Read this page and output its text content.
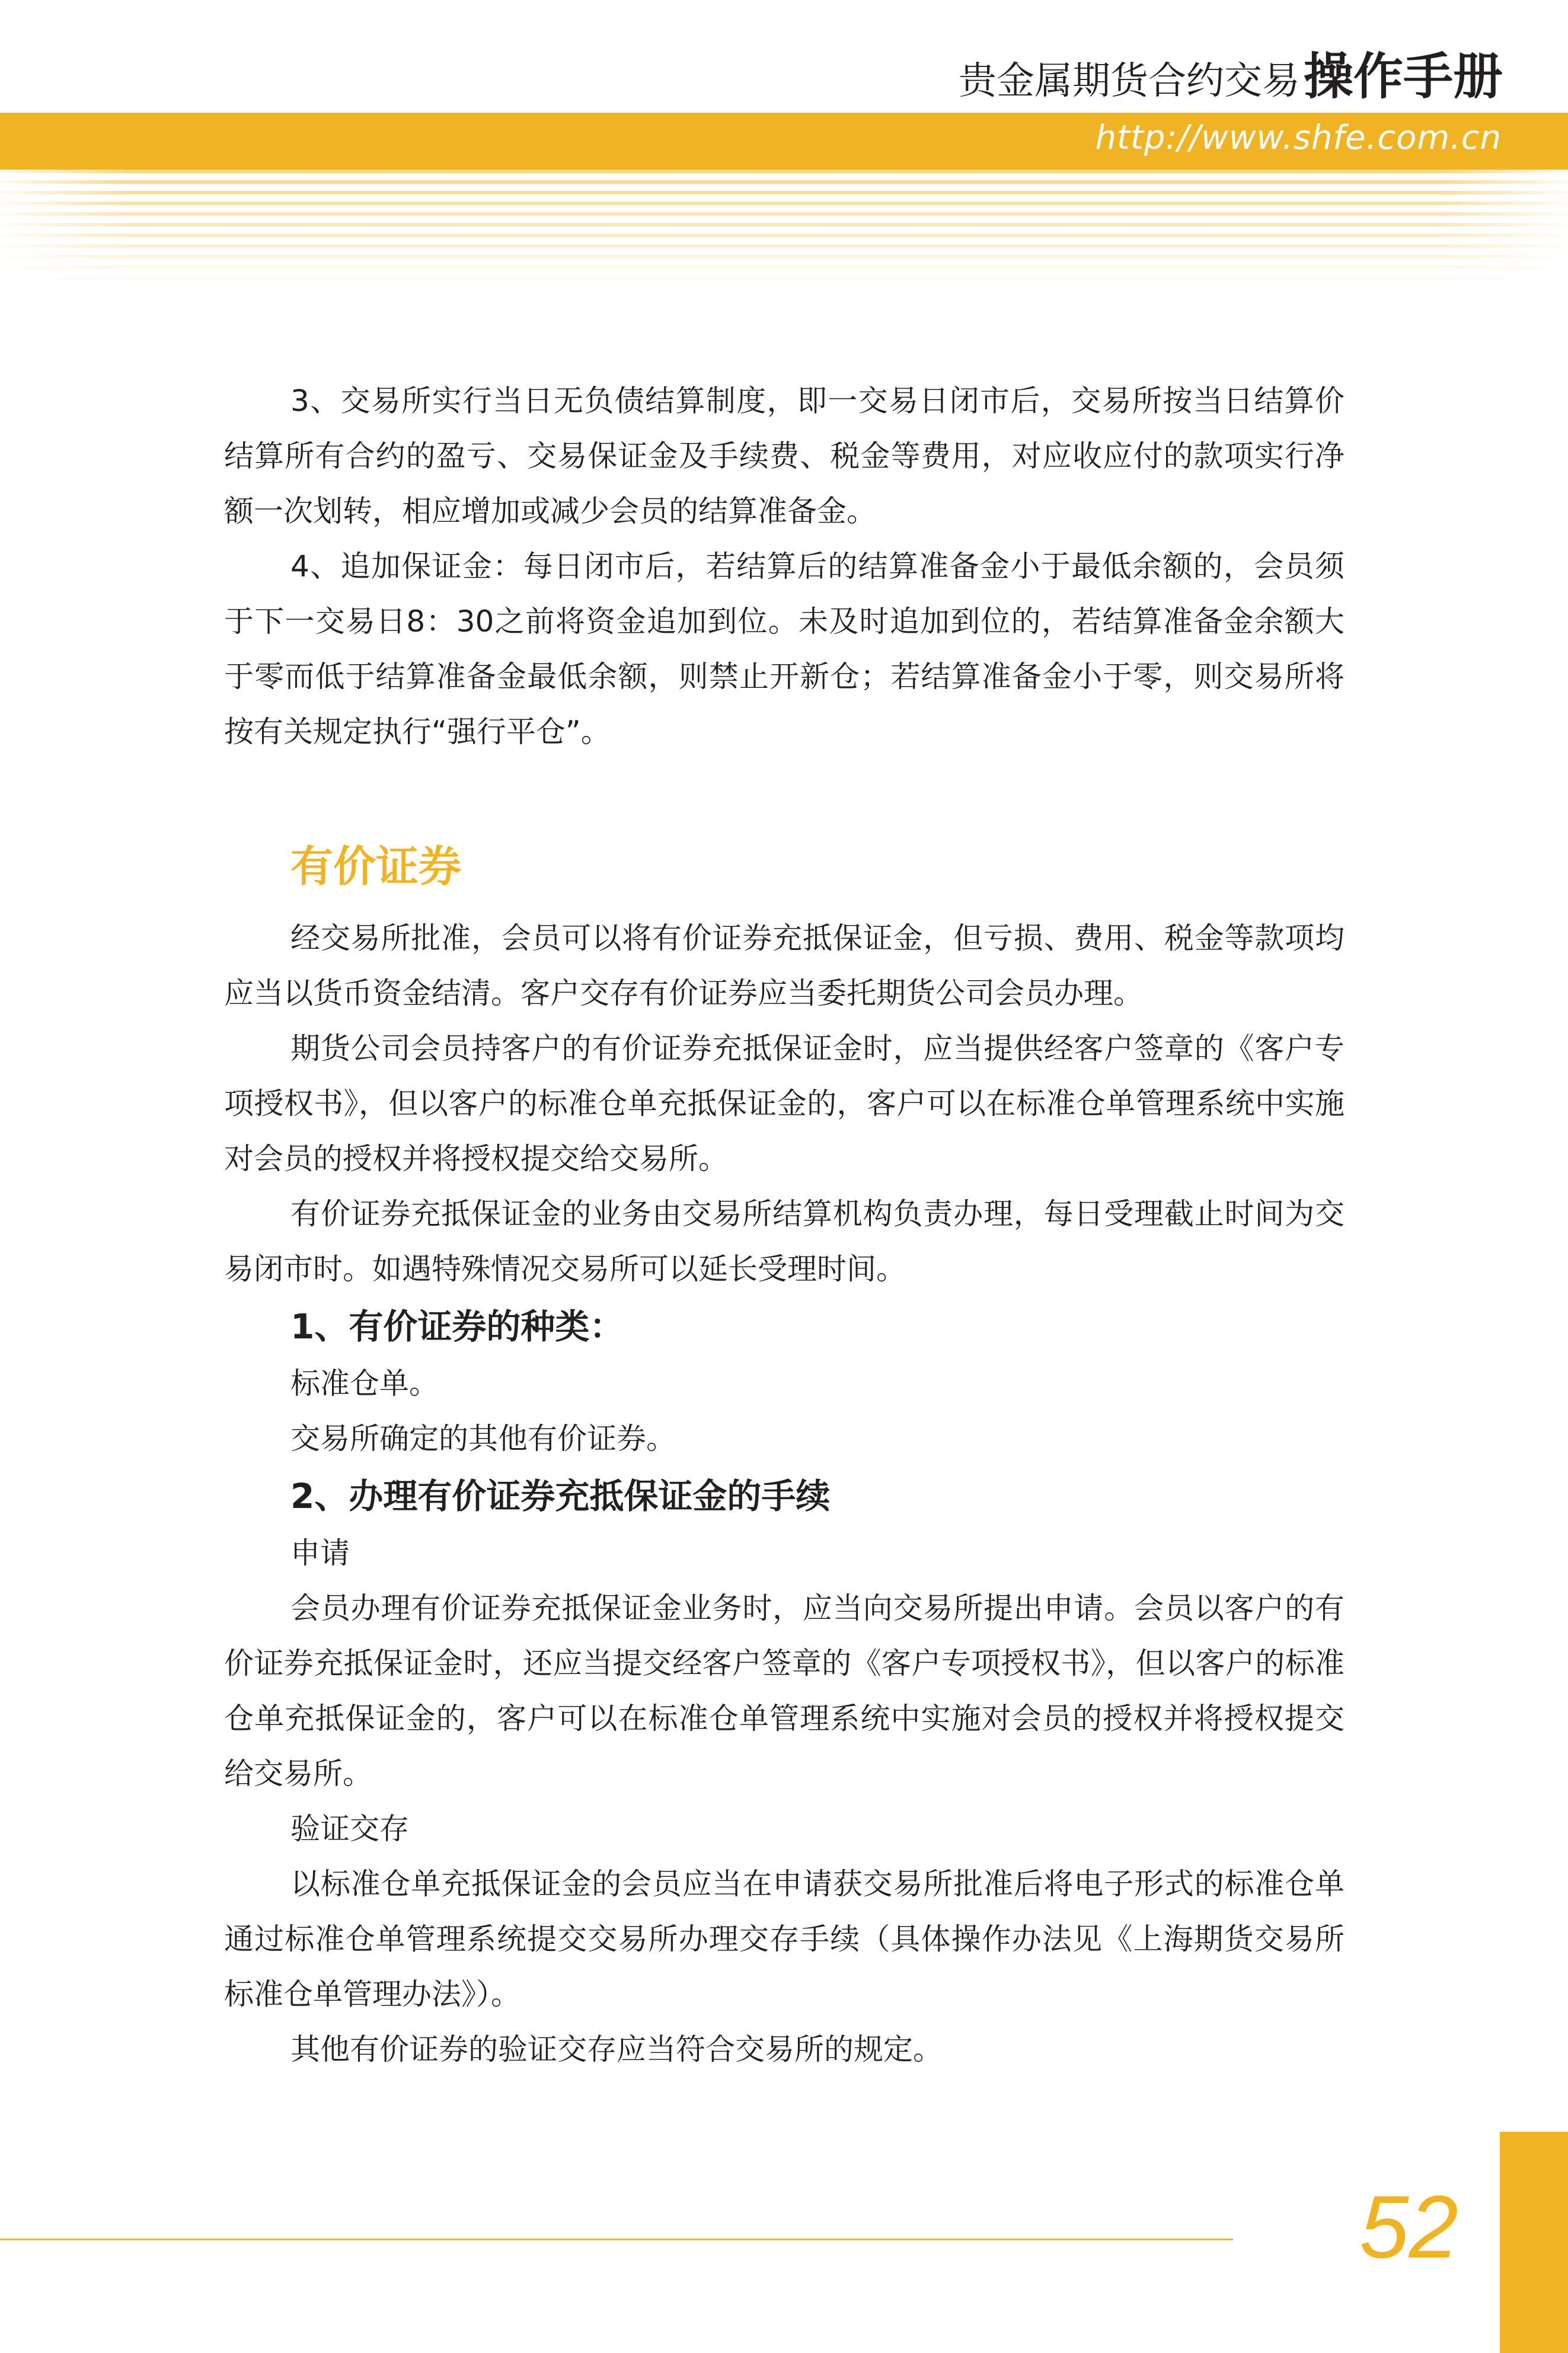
贵金属期货合约交易 操作手册
http://www.shfe.com.cn

3、交易所实行当日无负债结算制度，即一交易日闭市后，交易所按当日结算价结算所有合约的盈亏、交易保证金及手续费、税金等费用，对应收应付的款项实行净额一次划转，相应增加或减少会员的结算准备金。

4、追加保证金：每日闭市后，若结算后的结算准备金小于最低余额的，会员须于下一交易日8：30之前将资金追加到位。未及时追加到位的，若结算准备金余额大于零而低于结算准备金最低余额，则禁止开新仓；若结算准备金小于零，则交易所将按有关规定执行“强行平仓”。

有价证券

经交易所批准，会员可以将有价证券充抵保证金，但亏损、费用、税金等款项均应当以货币资金结清。客户交存有价证券应当委托期货公司会员办理。

期货公司会员持客户的有价证券充抵保证金时，应当提供经客户签章的《客户专项授权书》，但以客户的标准仓单充抵保证金的，客户可以在标准仓单管理系统中实施对会员的授权并将授权提交给交易所。

有价证券充抵保证金的业务由交易所结算机构负责办理，每日受理截止时间为交易闭市时。如遇特殊情况交易所可以延长受理时间。

1、有价证券的种类：

标准仓单。

交易所确定的其他有价证券。

2、办理有价证券充抵保证金的手续

申请

会员办理有价证券充抵保证金业务时，应当向交易所提出申请。会员以客户的有价证券充抵保证金时，还应当提交经客户签章的《客户专项授权书》，但以客户的标准仓单充抵保证金的，客户可以在标准仓单管理系统中实施对会员的授权并将授权提交给交易所。

验证交存

以标准仓单充抵保证金的会员应当在申请获交易所批准后将电子形式的标准仓单通过标准仓单管理系统提交交易所办理交存手续（具体操作办法见《上海期货交易所标准仓单管理办法》）。

其他有价证券的验证交存应当符合交易所的规定。

52
